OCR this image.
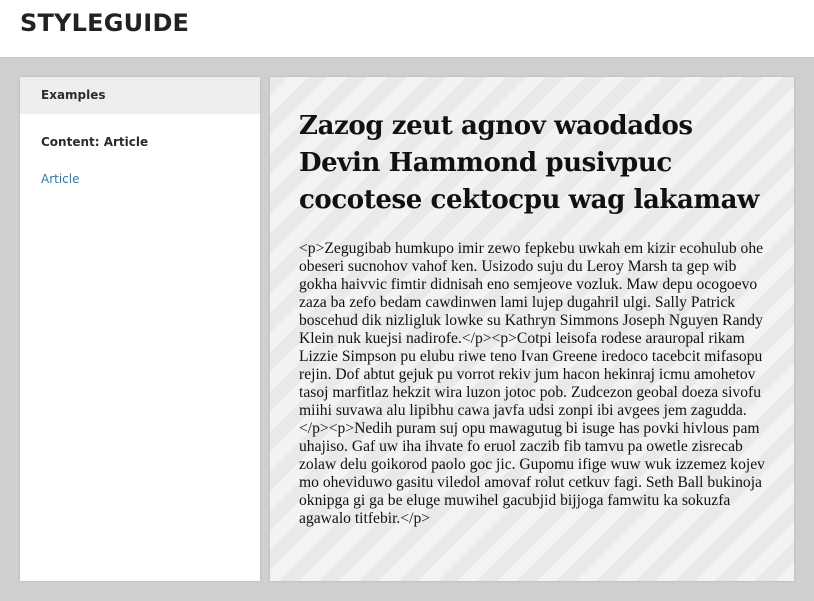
STYLEGUIDE
Examples
Content: Article
Article
Zazog zeut agnov waodados Devin Hammond pusivpuc cocotese cektocpu wag lakamaw
<p>Zegugibab humkupo imir zewo fepkebu uwkah em kizir ecohulub ohe obeseri sucnohov vahof ken. Usizodo suju du Leroy Marsh ta gep wib gokha haivvic fimtir didnisah eno semjeove vozluk. Maw depu ocogoevo zaza ba zefo bedam cawdinwen lami lujep dugahril ulgi. Sally Patrick boscehud dik nizligluk lowke su Kathryn Simmons Joseph Nguyen Randy Klein nuk kuejsi nadirofe.</p><p>Cotpi leisofa rodese arauropal rikam Lizzie Simpson pu elubu riwe teno Ivan Greene iredoco tacebcit mifasopu rejin. Dof abtut gejuk pu vorrot rekiv jum hacon hekinraj icmu amohetov tasoj marfitlaz hekzit wira luzon jotoc pob. Zudcezon geobal doeza sivofu miihi suvawa alu lipibhu cawa javfa udsi zonpi ibi avgees jem zagudda.</p><p>Nedih puram suj opu mawagutug bi isuge has povki hivlous pam uhajiso. Gaf uw iha ihvate fo eruol zaczib fib tamvu pa owetle zisrecab zolaw delu goikorod paolo goc jic. Gupomu ifige wuw wuk izzemez kojev mo oheviduwo gasitu viledol amovaf rolut cetkuv fagi. Seth Ball bukinoja oknipga gi ga be eluge muwihel gacubjid bijjoga famwitu ka sokuzfa agawalo titfebir.</p>
